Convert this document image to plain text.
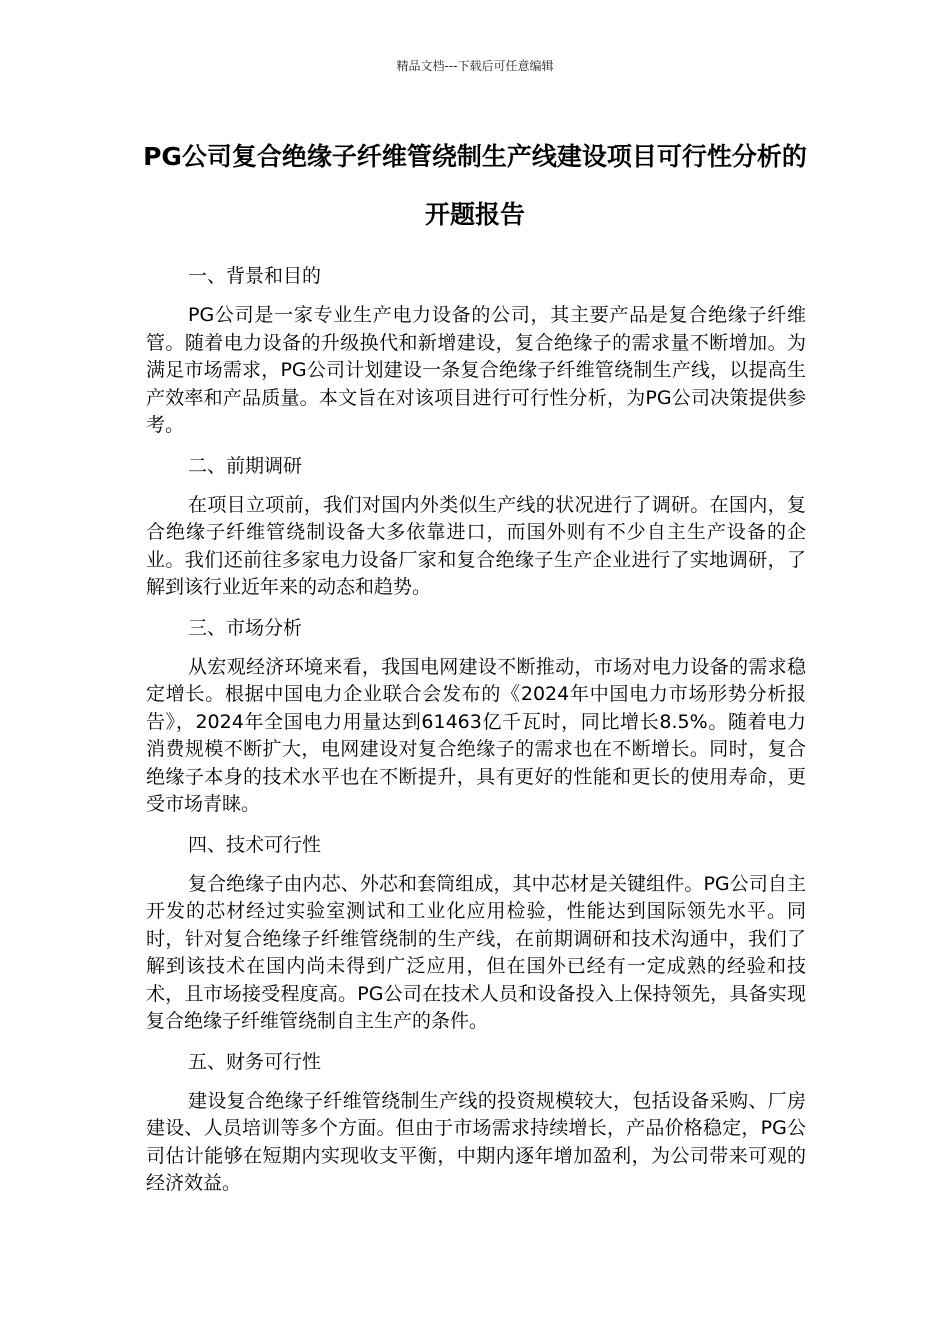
精品文档---下载后可任意编辑
PG公司复合绝缘子纤维管绕制生产线建设项目可行性分析的开题报告

一、背景和目的

PG公司是一家专业生产电力设备的公司，其主要产品是复合绝缘子纤维管。随着电力设备的升级换代和新增建设，复合绝缘子的需求量不断增加。为满足市场需求，PG公司计划建设一条复合绝缘子纤维管绕制生产线，以提高生产效率和产品质量。本文旨在对该项目进行可行性分析，为PG公司决策提供参考。

二、前期调研

在项目立项前，我们对国内外类似生产线的状况进行了调研。在国内，复合绝缘子纤维管绕制设备大多依靠进口，而国外则有不少自主生产设备的企业。我们还前往多家电力设备厂家和复合绝缘子生产企业进行了实地调研，了解到该行业近年来的动态和趋势。

三、市场分析

从宏观经济环境来看，我国电网建设不断推动，市场对电力设备的需求稳定增长。根据中国电力企业联合会发布的《2024年中国电力市场形势分析报告》，2024年全国电力用量达到61463亿千瓦时，同比增长8.5%。随着电力消费规模不断扩大，电网建设对复合绝缘子的需求也在不断增长。同时，复合绝缘子本身的技术水平也在不断提升，具有更好的性能和更长的使用寿命，更受市场青睐。

四、技术可行性

复合绝缘子由内芯、外芯和套筒组成，其中芯材是关键组件。PG公司自主开发的芯材经过实验室测试和工业化应用检验，性能达到国际领先水平。同时，针对复合绝缘子纤维管绕制的生产线，在前期调研和技术沟通中，我们了解到该技术在国内尚未得到广泛应用，但在国外已经有一定成熟的经验和技术，且市场接受程度高。PG公司在技术人员和设备投入上保持领先，具备实现复合绝缘子纤维管绕制自主生产的条件。

五、财务可行性

建设复合绝缘子纤维管绕制生产线的投资规模较大，包括设备采购、厂房建设、人员培训等多个方面。但由于市场需求持续增长，产品价格稳定，PG公司估计能够在短期内实现收支平衡，中期内逐年增加盈利，为公司带来可观的经济效益。
